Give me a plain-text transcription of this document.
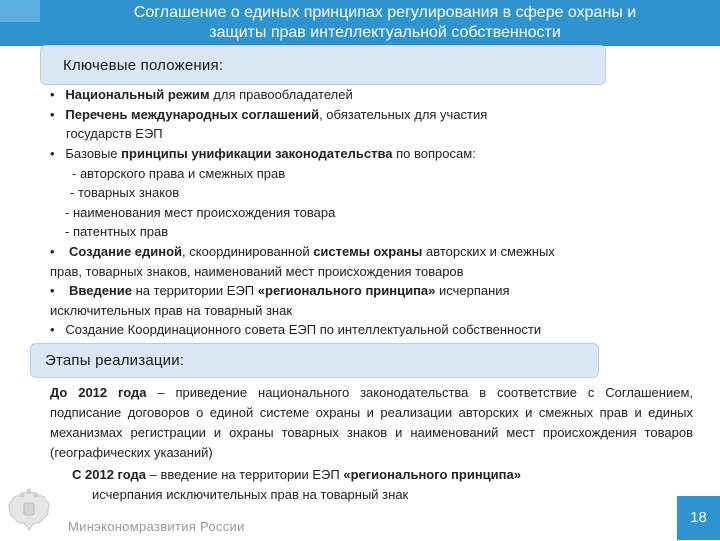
Соглашение о единых принципах регулирования в сфере охраны и
защиты прав интеллектуальной собственности
Ключевые положения:
•   Национальный режим для правообладателей
•   Перечень международных соглашений, обязательных для участия
государств ЕЭП
•   Базовые принципы унификации законодательства по вопросам:
- авторского права и смежных прав
- товарных знаков
- наименования мест происхождения товара
- патентных прав
•    Создание единой, скоординированной системы охраны авторских и смежных
прав, товарных знаков, наименований мест происхождения товаров
•    Введение на территории ЕЭП «регионального принципа» исчерпания
исключительных прав на товарный знак
•   Создание Координационного совета ЕЭП по интеллектуальной собственности
Этапы реализации:
До 2012 года – приведение национального законодательства в соответствие с Соглашением, подписание договоров о единой системе охраны и реализации авторских и смежных прав и единых механизмах регистрации и охраны товарных знаков и наименований мест происхождения товаров (географических указаний)
С 2012 года – введение на территории ЕЭП «регионального принципа»
исчерпания исключительных прав на товарный знак
Минэкономразвития России
18
